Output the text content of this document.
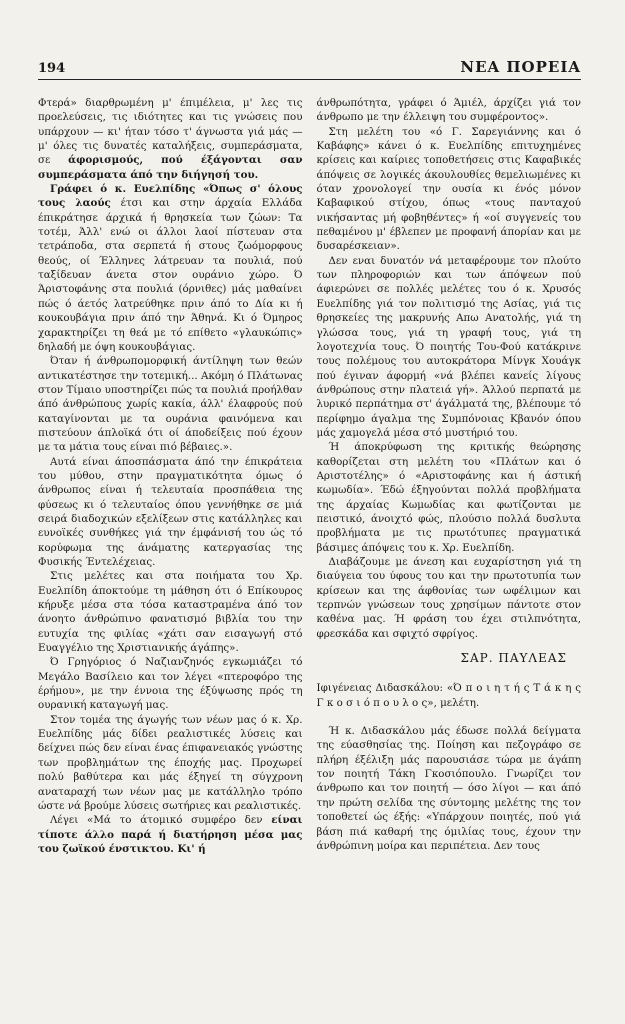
194	ΝΕΑ ΠΟΡΕΙΑ

Φτερά» διαρθρωμένη μ' έπιμέλεια, μ' λες τις προελεύσεις, τις ιδιότητες και τις γνώσεις που υπάρχουν — κι' ήταν τόσο τ' άγνωστα γιά μάς — μ' όλες τις δυνατές καταλήξεις, συμπεράσματα, σε άφορισμούς, πού έξάγονται σαν συμπεράσματα άπό την διήγησή του.

Γράφει ό κ. Ευελπίδης «Όπως σ' όλους τους λαούς έτσι και στην άρχαία Ελλάδα έπικράτησε άρχικά ή θρησκεία των ζώων: Τα τοτέμ, Άλλ' ενώ οι άλλοι λαοί πίστευαν στα τετράποδα, στα σερπετά ή στους ζωόμορφους θεούς, οί Έλληνες λάτρευαν τα πουλιά, πού ταξίδευαν άνετα στον ουράνιο χώρο. Ό Άριστοφάνης στα πουλιά (όρνιθες) μάς μαθαίνει πώς ό άετός λατρεύθηκε πριν άπό το Δία κι ή κουκουβάγια πριν άπό την Άθηνά. Κι ό Όμηρος χαρακτηρίζει τη θεά με τό επίθετο «γλαυκώπις» δηλαδή με όψη κουκουβάγιας.

Όταν ή άνθρωπομορφική άντίληψη των θεών αντικατέστησε την τοτεμική... Ακόμη ό Πλάτωνας στον Τίμαιο υποστηρίζει πώς τα πουλιά προήλθαν άπό άνθρώπους χωρίς κακία, άλλ' έλαφρούς πού καταγίνονται με τα ουράνια φαινόμενα και πιστεύουν άπλοϊκά ότι οί άποδείξεις πού έχουν με τα μάτια τους είναι πιό βέβαιες.».

Αυτά είναι άποσπάσματα άπό την έπικράτεια του μύθου, στην πραγματικότητα όμως ό άνθρωπος είναι ή τελευταία προσπάθεια της φύσεως κι ό τελευταίος όπου γεννήθηκε σε μιά σειρά διαδοχικών εξελίξεων στις κατάλληλες και ευνοϊκές συνθήκες γιά την έμφάνισή του ώς τό κορύφωμα της άνάματης κατεργασίας της Φυσικής Έντελέχειας.

Στις μελέτες και στα ποιήματα του Χρ. Ευελπίδη άποκτούμε τη μάθηση ότι ό Επίκουρος κήρυξε μέσα στα τόσα καταστραμένα άπό τον άνοητο άνθρώπινο φανατισμό βιβλία του την ευτυχία της φιλίας «χάτι σαν εισαγωγή στό Ευαγγέλιο της Χριστιανικής άγάπης».

Ό Γρηγόριος ό Ναζιανζηνός εγκωμιάζει τό Μεγάλο Βασίλειο και τον λέγει «πτεροφόρο της έρήμου», με την έννοια της έξύψωσης πρός τη ουρανική καταγωγή μας.

Στον τομέα της άγωγής των νέων μας ό κ. Χρ. Ευελπίδης μάς δίδει ρεαλιστικές λύσεις και δείχνει πώς δεν είναι ένας έπιφανειακός γνώστης των προβλημάτων της έποχής μας. Προχωρεί πολύ βαθύτερα και μάς έξηγεί τη σύγχρονη αναταραχή των νέων μας με κατάλληλο τρόπο ώστε νά βρούμε λύσεις σωτήριες και ρεαλιστικές.

Λέγει «Μά το άτομικό συμφέρο δεν είναι τίποτε άλλο παρά ή διατήρηση μέσα μας του ζωϊκού ένστικτου. Κι' ή

άνθρωπότητα, γράφει ό Άμιέλ, άρχίζει γιά τον άνθρωπο με την έλλειψη του συμφέροντος».

Στη μελέτη του «ό Γ. Σαρεγιάννης και ό Καβάφης» κάνει ό κ. Ευελπίδης επιτυχημένες κρίσεις και καίριες τοποθετήσεις στις Καφαβικές άπόψεις σε λογικές άκουλουθίες θεμελιωμένες κι όταν χρονολογεί την ουσία κι ένός μόνον Καβαφικού στίχου, όπως «τους πανταχού νικήσαντας μή φοβηθέντες» ή «οί συγγενείς του πεθαμένου μ' έβλεπεν με προφανή άπορίαν και με δυσαρέσκειαν».

Δεν εναι δυνατόν νά μεταφέρουμε τον πλούτο των πληροφοριών και των άπόψεων πού άφιερώνει σε πολλές μελέτες του ό κ. Χρυσός Ευελπίδης γιά τον πολιτισμό της Ασίας, γιά τις θρησκείες της μακρυνής Απω Ανατολής, γιά τη γλώσσα τους, γιά τη γραφή τους, γιά τη λογοτεχνία τους. Ό ποιητής Του-Φού κατάκρινε τους πολέμους του αυτοκράτορα Μίνγκ Χουάγκ πού έγιναν άφορμή «νά βλέπει κανείς λίγους άνθρώπους στην πλατειά γή». Άλλού περπατά με λυρικό περπάτημα στ' άγάλματά της, βλέπουμε τό περίφημο άγαλμα της Συμπόνοιας Κβανόν όπου μάς χαμογελά μέσα στό μυστήριό του.

Ή άποκρύφωση της κριτικής θεώρησης καθορίζεται στη μελέτη του «Πλάτων και ό Αριστοτέλης» ό «Αριστοφάνης και ή άστική κωμωδία». Έδώ έξηγούνται πολλά προβλήματα της άρχαίας Κωμωδίας και φωτίζονται με πειστικό, άνοιχτό φώς, πλούσιο πολλά δυσλυτα προβλήματα με τις πρωτότυπες πραγματικά βάσιμες άπόψεις του κ. Χρ. Ευελπίδη.

Διαβάζουμε με άνεση και ευχαρίστηση γιά τη διαύγεια του ύφους του και την πρωτοτυπία των κρίσεων και της άφθονίας των ωφέλιμων και τερπνών γνώσεων τους χρησίμων πάντοτε στον καθένα μας. Ή φράση του έχει στιλπνότητα, φρεσκάδα και σφιχτό σφρίγος.

ΣΑΡ. ΠΑΥΛΕΑΣ

Ιφιγένειας Διδασκάλου: «Ό π ο ι η τ ή ς Τ ά κ η ς Γ κ ο σ ι ό π ο υ λ ο ς», μελέτη.

Ή κ. Διδασκάλου μάς έδωσε πολλά δείγματα της εύασθησίας της. Ποίηση και πεζογράφο σε πλήρη έξέλιξη μάς παρουσιάσε τώρα με άγάπη τον ποιητή Τάκη Γκοσιόπουλο. Γνωρίζει τον άνθρωπο και τον ποιητή — όσο λίγοι — και άπό την πρώτη σελίδα της σύντομης μελέτης της τον τοποθετεί ώς έξής: «Υπάρχουν ποιητές, πού γιά βάση πιά καθαρή της όμιλίας τους, έχουν την άνθρώπινη μοίρα και περιπέτεια. Δεν τους
